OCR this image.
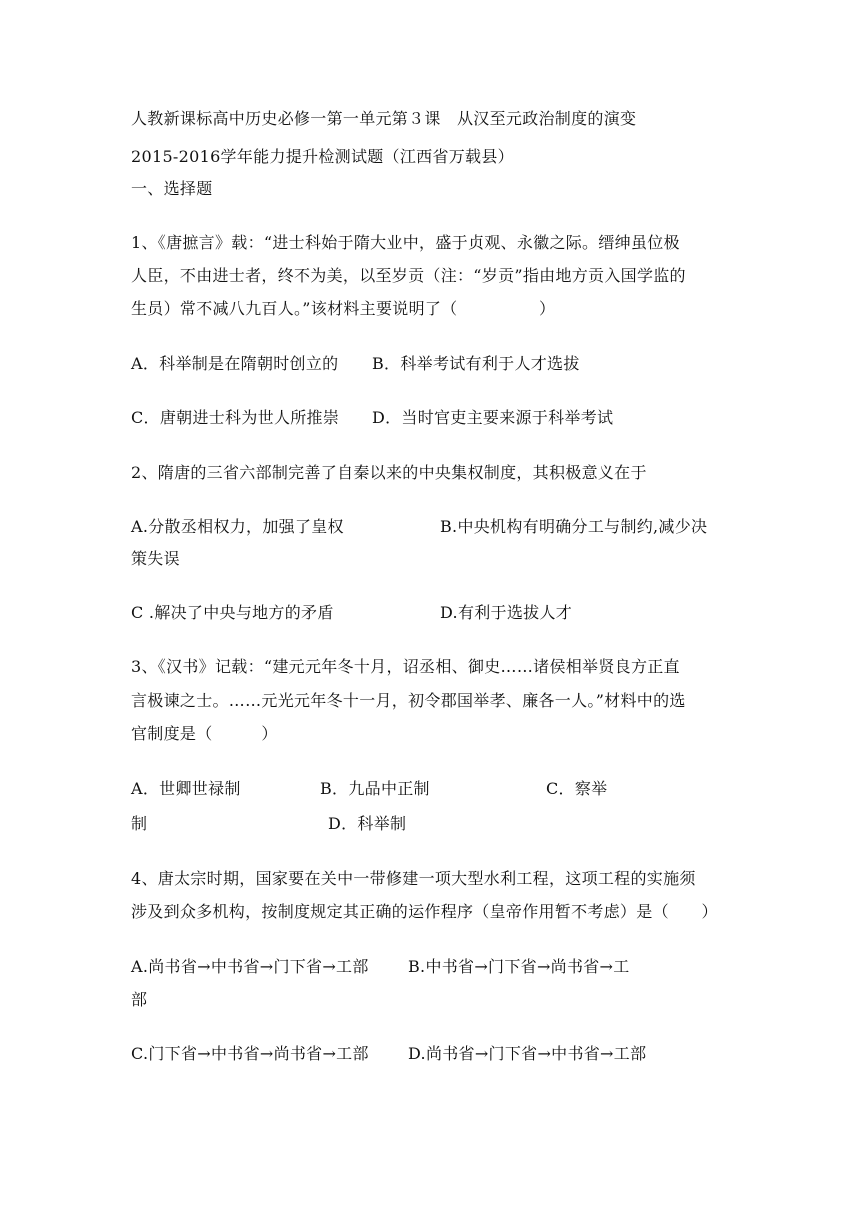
人教新课标高中历史必修一第一单元第３课　从汉至元政治制度的演变
2015-2016学年能力提升检测试题（江西省万载县）
一、选择题
1、《唐摭言》载：“进士科始于隋大业中，盛于贞观、永徽之际。缙绅虽位极
人臣，不由进士者，终不为美，以至岁贡（注：“岁贡”指由地方贡入国学监的
生员）常不减八九百人。”该材料主要说明了（　　　　　）
A．科举制是在隋朝时创立的 B．科举考试有利于人才选拔
C．唐朝进士科为世人所推崇 D．当时官吏主要来源于科举考试
2、隋唐的三省六部制完善了自秦以来的中央集权制度，其积极意义在于
A.分散丞相权力，加强了皇权	B.中央机构有明确分工与制约,减少决
策失误
C .解决了中央与地方的矛盾	D.有利于选拔人才
3、《汉书》记载：“建元元年冬十月，诏丞相、御史……诸侯相举贤良方正直
言极谏之士。……元光元年冬十一月，初令郡国举孝、廉各一人。”材料中的选
官制度是（　　　）
A．世卿世禄制	B．九品中正制	C．察举
制	D．科举制
4、唐太宗时期，国家要在关中一带修建一项大型水利工程，这项工程的实施须
涉及到众多机构，按制度规定其正确的运作程序（皇帝作用暂不考虑）是（　　）
A.尚书省→中书省→门下省→工部 B.中书省→门下省→尚书省→工
部
C.门下省→中书省→尚书省→工部 D.尚书省→门下省→中书省→工部
